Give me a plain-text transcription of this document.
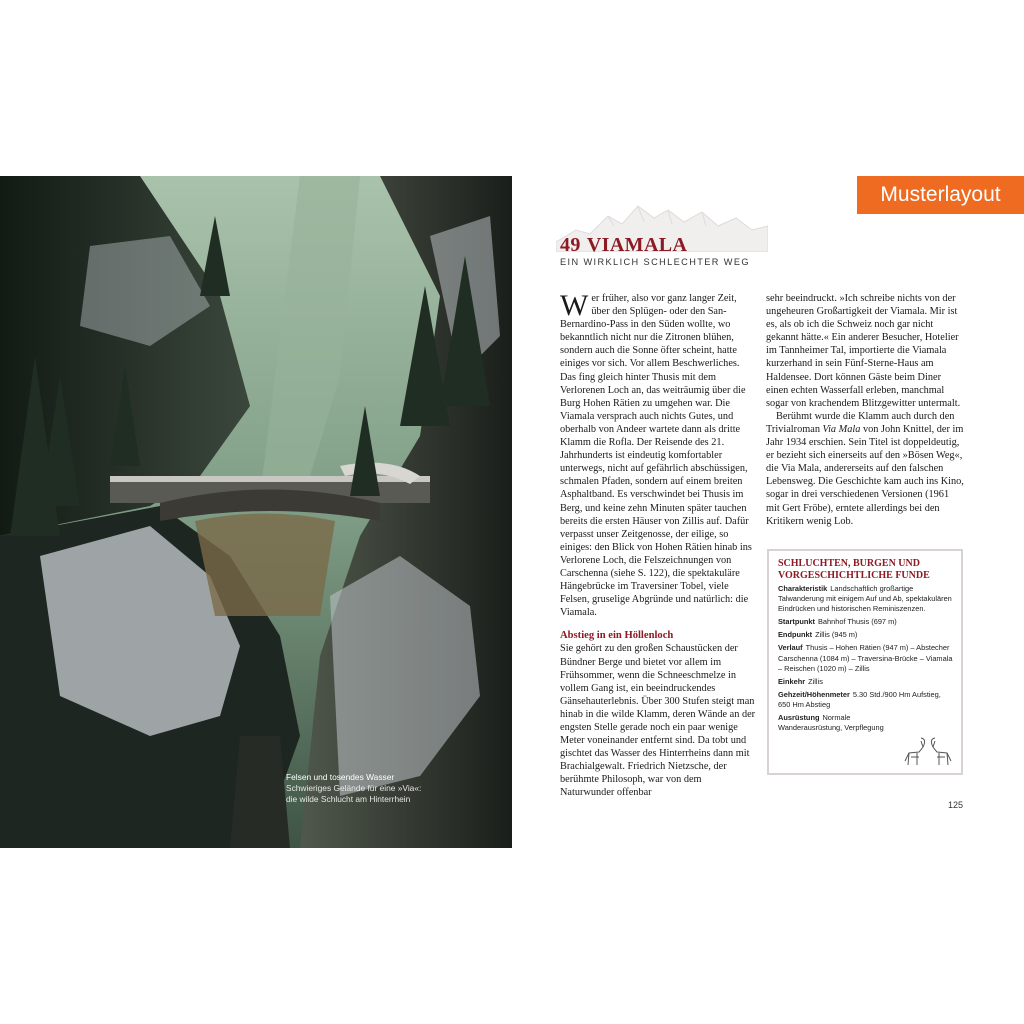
Felsen und tosendes Wasser
Schwieriges Gelände für eine »Via«:
die wilde Schlucht am Hinterrhein
Musterlayout
49 VIAMALA
EIN WIRKLICH SCHLECHTER WEG

Wer früher, also vor ganz langer Zeit, über den Splügen- oder den San-Bernardino-Pass in den Süden wollte, wo bekanntlich nicht nur die Zitronen blühen, sondern auch die Sonne öfter scheint, hatte einiges vor sich. Vor allem Beschwerliches. Das fing gleich hinter Thusis mit dem Verlorenen Loch an, das weiträumig über die Burg Hohen Rätien zu umgehen war. Die Viamala versprach auch nichts Gutes, und oberhalb von Andeer wartete dann als dritte Klamm die Rofla. Der Reisende des 21. Jahrhunderts ist eindeutig komfortabler unterwegs, nicht auf gefährlich abschüssigen, schmalen Pfaden, sondern auf einem breiten Asphaltband. Es verschwindet bei Thusis im Berg, und keine zehn Minuten später tauchen bereits die ersten Häuser von Zillis auf. Dafür verpasst unser Zeitgenosse, der eilige, so einiges: den Blick von Hohen Rätien hinab ins Verlorene Loch, die Felszeichnungen von Carschenna (siehe S. 122), die spektakuläre Hängebrücke im Traversiner Tobel, viele Felsen, gruselige Abgründe und natürlich: die Viamala.

Abstieg in ein Höllenloch

Sie gehört zu den großen Schaustücken der Bündner Berge und bietet vor allem im Frühsommer, wenn die Schneeschmelze in vollem Gang ist, ein beeindruckendes Gänsehauterlebnis. Über 300 Stufen steigt man hinab in die wilde Klamm, deren Wände an der engsten Stelle gerade noch ein paar wenige Meter voneinander entfernt sind. Da tobt und gischtet das Wasser des Hinterrheins dann mit Brachialgewalt. Friedrich Nietzsche, der berühmte Philosoph, war von dem Naturwunder offenbar

sehr beeindruckt. »Ich schreibe nichts von der ungeheuren Großartigkeit der Viamala. Mir ist es, als ob ich die Schweiz noch gar nicht gekannt hätte.« Ein anderer Besucher, Hotelier im Tannheimer Tal, importierte die Viamala kurzerhand in sein Fünf-Sterne-Haus am Haldensee. Dort können Gäste beim Diner einen echten Wasserfall erleben, manchmal sogar von krachendem Blitzgewitter untermalt.

Berühmt wurde die Klamm auch durch den Trivialroman Via Mala von John Knittel, der im Jahr 1934 erschien. Sein Titel ist doppeldeutig, er bezieht sich einerseits auf den »Bösen Weg«, die Via Mala, andererseits auf den falschen Lebensweg. Die Geschichte kam auch ins Kino, sogar in drei verschiedenen Versionen (1961 mit Gert Fröbe), erntete allerdings bei den Kritikern wenig Lob.

SCHLUCHTEN, BURGEN UND VORGESCHICHTLICHE FUNDE
Charakteristik Landschaftlich großartige Talwanderung mit einigem Auf und Ab, spektakulären Eindrücken und historischen Reminiszenzen.
Startpunkt Bahnhof Thusis (697 m)
Endpunkt Zillis (945 m)
Verlauf Thusis – Hohen Rätien (947 m) – Abstecher Carschenna (1084 m) – Traversina-Brücke – Viamala – Reischen (1020 m) – Zillis
Einkehr Zillis
Gehzeit/Höhenmeter 5.30 Std./900 Hm Aufstieg, 650 Hm Abstieg
Ausrüstung Normale Wanderausrüstung, Verpflegung
125
